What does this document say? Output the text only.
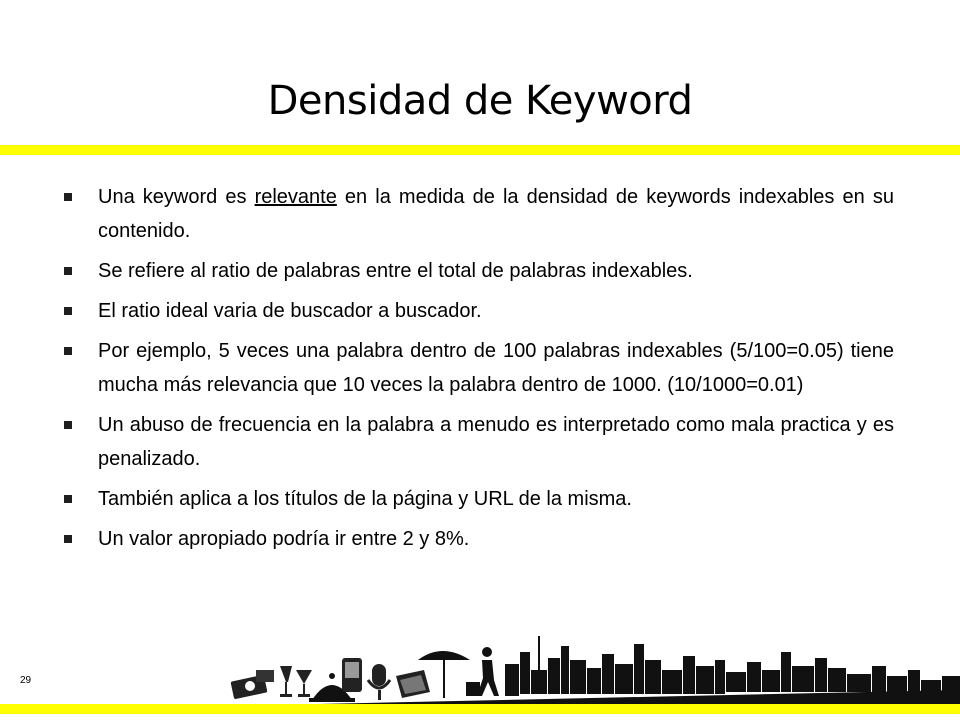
Densidad de Keyword
Una keyword es relevante en la medida de la densidad de keywords indexables en su contenido.
Se refiere al ratio de palabras entre el total de palabras indexables.
El ratio ideal varia de buscador a buscador.
Por ejemplo, 5 veces una palabra dentro de 100 palabras indexables (5/100=0.05) tiene mucha más relevancia que 10 veces la palabra dentro de 1000. (10/1000=0.01)
Un abuso de frecuencia en la palabra a menudo es interpretado como mala practica y es penalizado.
También aplica a los títulos de la página y URL de la misma.
Un valor apropiado podría ir entre 2 y 8%.
29
